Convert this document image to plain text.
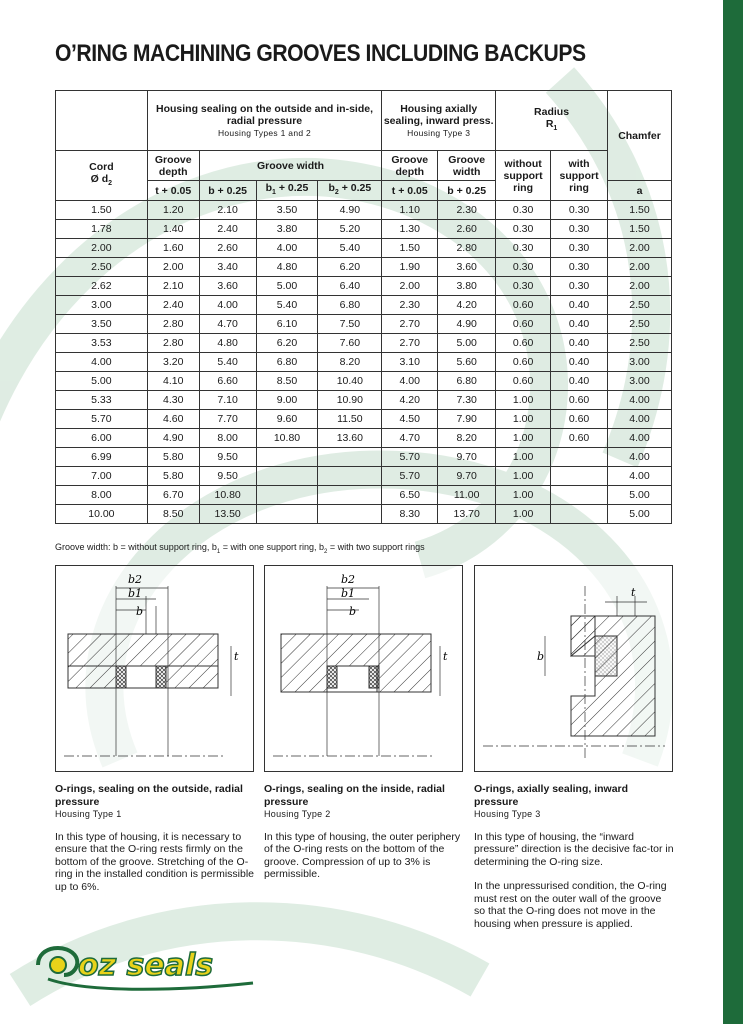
O’RING MACHINING GROOVES INCLUDING BACKUPS
	Housing sealing on the outside and in-side, radial pressure
Housing Types 1 and 2				Housing axially sealing, inward press.
Housing Type 3		Radius
$R_1$		Chamfer
Cord
Ø $d_2$	Groove depth	Groove width			Groove depth	Groove width	without support ring	with support ring	
	t + 0.05	b + 0.25	$b_1 + 0.25$	$b_2 + 0.25$	t + 0.05	b + 0.25			a
1.50	1.20	2.10	3.50	4.90	1.10	2.30	0.30	0.30	1.50
1.78	1.40	2.40	3.80	5.20	1.30	2.60	0.30	0.30	1.50
2.00	1.60	2.60	4.00	5.40	1.50	2.80	0.30	0.30	2.00
2.50	2.00	3.40	4.80	6.20	1.90	3.60	0.30	0.30	2.00
2.62	2.10	3.60	5.00	6.40	2.00	3.80	0.30	0.30	2.00
3.00	2.40	4.00	5.40	6.80	2.30	4.20	0.60	0.40	2.50
3.50	2.80	4.70	6.10	7.50	2.70	4.90	0.60	0.40	2.50
3.53	2.80	4.80	6.20	7.60	2.70	5.00	0.60	0.40	2.50
4.00	3.20	5.40	6.80	8.20	3.10	5.60	0.60	0.40	3.00
5.00	4.10	6.60	8.50	10.40	4.00	6.80	0.60	0.40	3.00
5.33	4.30	7.10	9.00	10.90	4.20	7.30	1.00	0.60	4.00
5.70	4.60	7.70	9.60	11.50	4.50	7.90	1.00	0.60	4.00
6.00	4.90	8.00	10.80	13.60	4.70	8.20	1.00	0.60	4.00
6.99	5.80	9.50			5.70	9.70	1.00		4.00
7.00	5.80	9.50			5.70	9.70	1.00		4.00
8.00	6.70	10.80			6.50	11.00	1.00		5.00
10.00	8.50	13.50			8.30	13.70	1.00		5.00
Groove width: b = without support ring, $b_1$ = with one support ring, $b_2$ = with two support rings
b2
b1
b
t
b2
b1
b
t
t
b
O-rings, sealing on the outside, radial pressure
Housing Type 1
In this type of housing, it is necessary to ensure that the O-ring rests firmly on the bottom of the groove. Stretching of the O-ring in the installed condition is permissible up to 6%.
O-rings, sealing on the inside, radial pressure
Housing Type 2
In this type of housing, the outer periphery of the O-ring rests on the bottom of the groove. Compression of up to 3% is permissible.
O-rings, axially sealing, inward pressure
Housing Type 3
In this type of housing, the “inward pressure” direction is the decisive fac-tor in determining the O-ring size.
In the unpressurised condition, the O-ring must rest on the outer wall of the groove so that the O-ring does not move in the housing when pressure is applied.
oz seals
